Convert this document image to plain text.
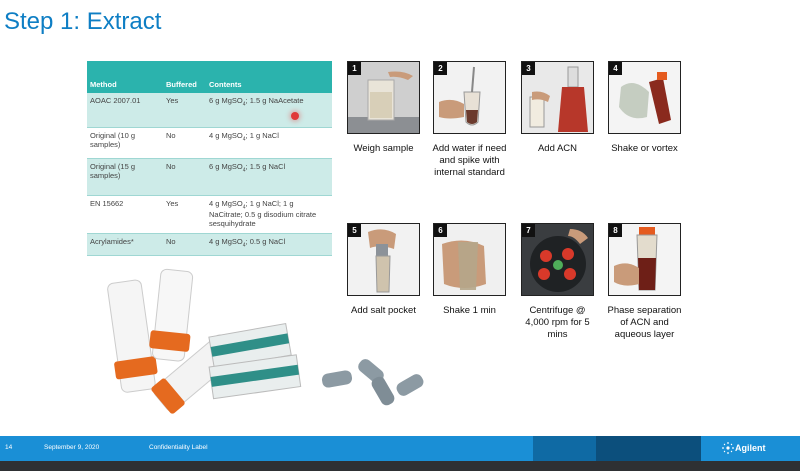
Step 1: Extract
Method	Buffered	Contents
AOAC 2007.01	Yes	6 g MgSO$_4$; 1.5 g NaAcetate
Original (10 g samples)	No	4 g MgSO$_4$; 1 g NaCl
Original (15 g samples)	No	6 g MgSO$_4$; 1.5 g NaCl
EN 15662	Yes	4 g MgSO$_4$; 1 g NaCl; 1 g NaCitrate; 0.5 g disodium citrate sesquihydrate
Acrylamides*	No	4 g MgSO$_4$; 0.5 g NaCl
1
Weigh sample
2
Add water if need and spike with internal standard
3
Add ACN
4
Shake or vortex
5
Add salt pocket
6
Shake 1 min
7
Centrifuge @ 4,000 rpm for 5 mins
8
Phase separation of ACN and aqueous layer
14	September 9, 2020	Confidentiality Label	Agilent
